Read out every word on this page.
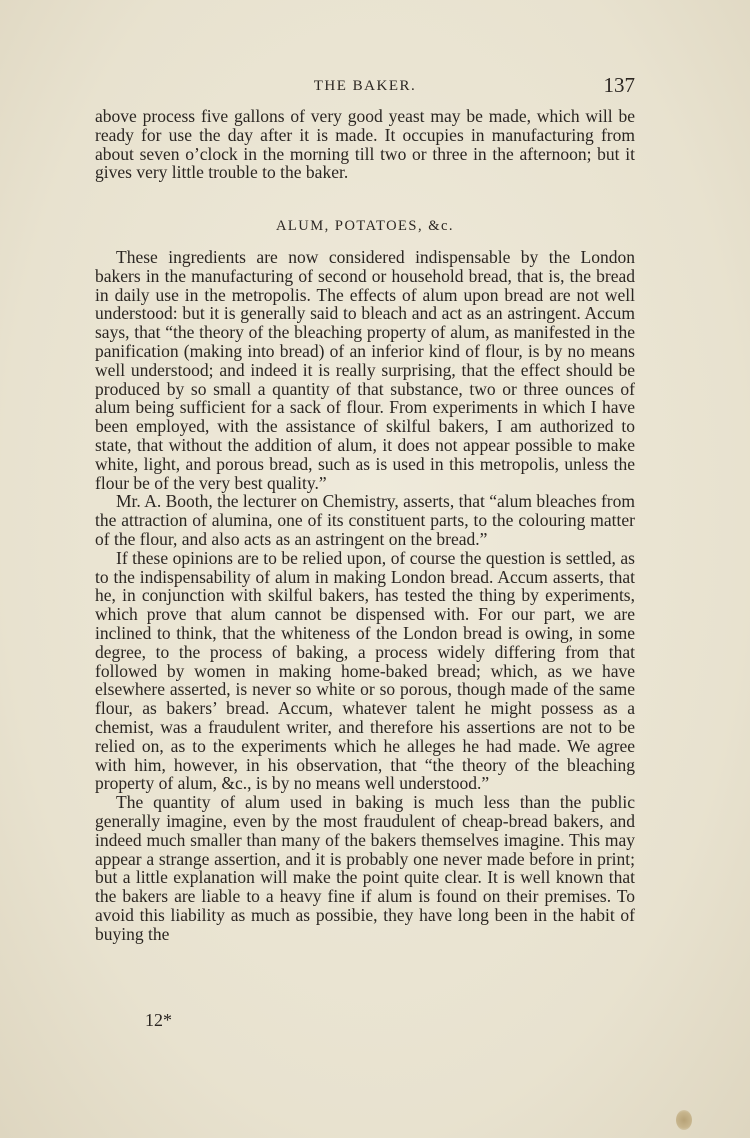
THE BAKER.	137

above process five gallons of very good yeast may be made, which will be ready for use the day after it is made. It occupies in manufacturing from about seven o’clock in the morning till two or three in the afternoon; but it gives very little trouble to the baker.

ALUM, POTATOES, &c.

These ingredients are now considered indispensable by the London bakers in the manufacturing of second or household bread, that is, the bread in daily use in the metropolis. The effects of alum upon bread are not well understood: but it is generally said to bleach and act as an astringent. Accum says, that “the theory of the bleaching property of alum, as manifested in the panification (making into bread) of an inferior kind of flour, is by no means well understood; and indeed it is really surprising, that the effect should be produced by so small a quantity of that substance, two or three ounces of alum being sufficient for a sack of flour. From experiments in which I have been employed, with the assistance of skilful bakers, I am authorized to state, that without the addition of alum, it does not appear possible to make white, light, and porous bread, such as is used in this metropolis, unless the flour be of the very best quality.”

Mr. A. Booth, the lecturer on Chemistry, asserts, that “alum bleaches from the attraction of alumina, one of its constituent parts, to the colouring matter of the flour, and also acts as an astringent on the bread.”

If these opinions are to be relied upon, of course the question is settled, as to the indispensability of alum in making London bread. Accum asserts, that he, in conjunction with skilful bakers, has tested the thing by experiments, which prove that alum cannot be dispensed with. For our part, we are inclined to think, that the whiteness of the London bread is owing, in some degree, to the process of baking, a process widely differing from that followed by women in making home-baked bread; which, as we have elsewhere asserted, is never so white or so porous, though made of the same flour, as bakers’ bread. Accum, whatever talent he might possess as a chemist, was a fraudulent writer, and therefore his assertions are not to be relied on, as to the experiments which he alleges he had made. We agree with him, however, in his observation, that “the theory of the bleaching property of alum, &c., is by no means well understood.”

The quantity of alum used in baking is much less than the public generally imagine, even by the most fraudulent of cheap-bread bakers, and indeed much smaller than many of the bakers themselves imagine. This may appear a strange assertion, and it is probably one never made before in print; but a little explanation will make the point quite clear. It is well known that the bakers are liable to a heavy fine if alum is found on their premises. To avoid this liability as much as possibie, they have long been in the habit of buying the

12*
